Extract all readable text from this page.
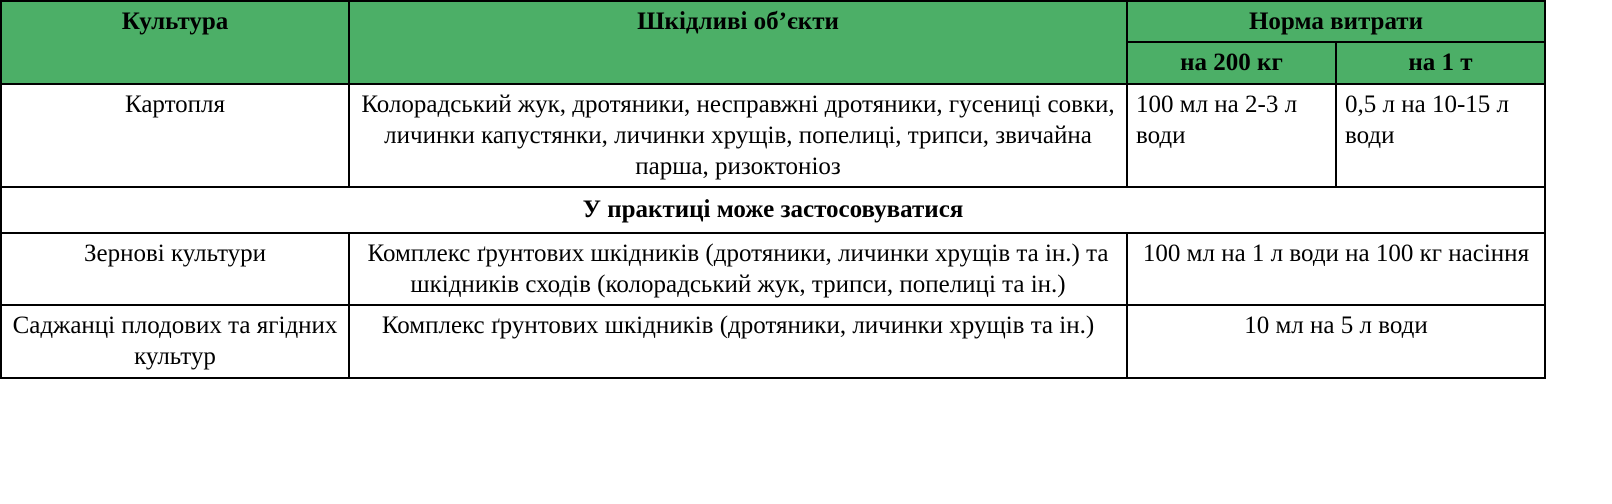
Культура	Шкідливі об’єкти	Норма витрати	
		на 200 кг	на 1 т
Картопля	Колорадський жук, дротяники, несправжні дротяники, гусениці совки, личинки капустянки, личинки хрущів, попелиці, трипси, звичайна парша, ризоктоніоз	100 мл на 2-3 л води	0,5 л на 10-15 л води
У практиці може застосовуватися			
Зернові культури	Комплекс ґрунтових шкідників (дротяники, личинки хрущів та ін.) та шкідників сходів (колорадський жук, трипси, попелиці та ін.)	100 мл на 1 л води на 100 кг насіння	
Саджанці плодових та ягідних культур	Комплекс ґрунтових шкідників (дротяники, личинки хрущів та ін.)	10 мл на 5 л води	
